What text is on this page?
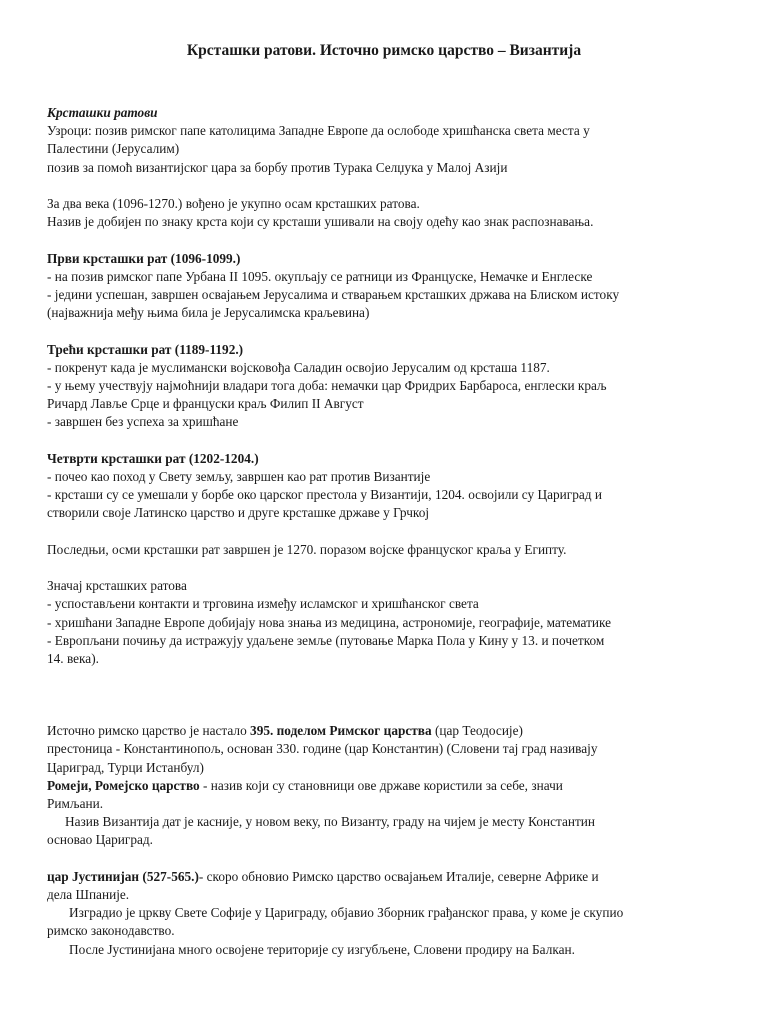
Крсташки ратови. Источно римско царство – Византија
Крсташки ратови
Узроци: позив римског папе католицима Западне Европе да ослободе хришћанска света места у
Палестини (Јерусалим)
позив за помоћ византијског цара за борбу против Турака Селџука у Малој Азији
За два века (1096-1270.) вођено је укупно осам крсташких ратова.
Назив је добијен по знаку крста који су крсташи ушивали на своју одећу као знак распознавања.
Први крсташки рат (1096-1099.)
- на позив римског папе Урбана II 1095. окупљају се ратници из Француске, Немачке и Енглеске
- једини успешан, завршен освајањем Јерусалима и стварањем крсташких држава на Блиском истоку
(најважнија међу њима била је Јерусалимска краљевина)
Трећи крсташки рат (1189-1192.)
- покренут када је муслимански војсковођа Саладин освојио Јерусалим од крсташа 1187.
- у њему учествују најмоћнији владари тога доба: немачки цар Фридрих Барбароса, енглески краљ
Ричард Лавље Срце и француски краљ Филип II Август
- завршен без успеха за хришћане
Четврти крсташки рат (1202-1204.)
- почео као поход у Свету земљу, завршен као рат против Византије
- крсташи су се умешали у борбе око царског престола у Византији, 1204. освојили су Цариград и
створили своје Латинско царство и друге крсташке државе у Грчкој
Последњи, осми крсташки рат завршен је 1270. поразом војске француског краља у Египту.
Значај крсташких ратова
- успостављени контакти и трговина између исламског и хришћанског света
- хришћани Западне Европе добијају нова знања из медицина, астрономије, географије, математике
- Европљани почињу да истражују удаљене земље (путовање Марка Пола у Кину у 13. и почетком
14. века).
Источно римско царство је настало 395. поделом Римског царства (цар Теодосије)
престоница - Константинопољ, основан 330. године (цар Константин) (Словени тај град називају
Цариград, Турци Истанбул)
Ромеји, Ромејско царство - назив који су становници ове државе користили за себе, значи
Римљани.
Назив Византија дат је касније, у новом веку, по Византу, граду на чијем је месту Константин
основао Цариград.
цар Јустинијан (527-565.)- скоро обновио Римско царство освајањем Италије, северне Африке и
дела Шпаније.
Изградио је цркву Свете Софије у Цариграду, објавио Зборник грађанског права, у коме је скупио
римско законодавство.
После Јустинијана много освојене територије су изгубљене, Словени продиру на Балкан.
